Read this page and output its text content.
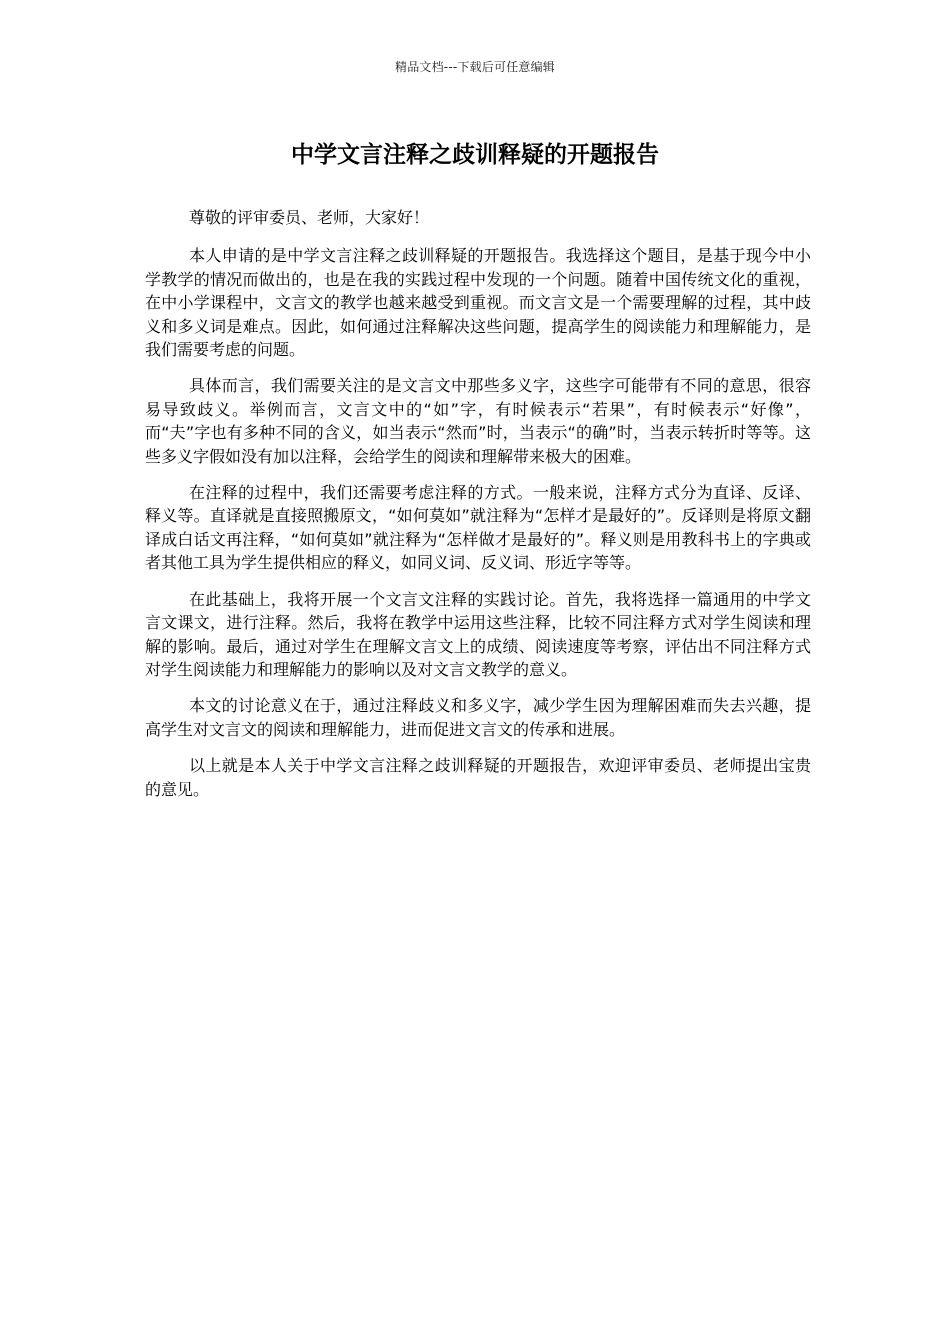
精品文档---下载后可任意编辑
中学文言注释之歧训释疑的开题报告

尊敬的评审委员、老师，大家好！

本人申请的是中学文言注释之歧训释疑的开题报告。我选择这个题目，是基于现今中小学教学的情况而做出的，也是在我的实践过程中发现的一个问题。随着中国传统文化的重视，在中小学课程中，文言文的教学也越来越受到重视。而文言文是一个需要理解的过程，其中歧义和多义词是难点。因此，如何通过注释解决这些问题，提高学生的阅读能力和理解能力，是我们需要考虑的问题。

具体而言，我们需要关注的是文言文中那些多义字，这些字可能带有不同的意思，很容易导致歧义。举例而言，文言文中的“如”字，有时候表示“若果”，有时候表示“好像”，而“夫”字也有多种不同的含义，如当表示“然而”时，当表示“的确”时，当表示转折时等等。这些多义字假如没有加以注释，会给学生的阅读和理解带来极大的困难。

在注释的过程中，我们还需要考虑注释的方式。一般来说，注释方式分为直译、反译、释义等。直译就是直接照搬原文，“如何莫如”就注释为“怎样才是最好的”。反译则是将原文翻译成白话文再注释，“如何莫如”就注释为“怎样做才是最好的”。释义则是用教科书上的字典或者其他工具为学生提供相应的释义，如同义词、反义词、形近字等等。

在此基础上，我将开展一个文言文注释的实践讨论。首先，我将选择一篇通用的中学文言文课文，进行注释。然后，我将在教学中运用这些注释，比较不同注释方式对学生阅读和理解的影响。最后，通过对学生在理解文言文上的成绩、阅读速度等考察，评估出不同注释方式对学生阅读能力和理解能力的影响以及对文言文教学的意义。

本文的讨论意义在于，通过注释歧义和多义字，减少学生因为理解困难而失去兴趣，提高学生对文言文的阅读和理解能力，进而促进文言文的传承和进展。

以上就是本人关于中学文言注释之歧训释疑的开题报告，欢迎评审委员、老师提出宝贵的意见。
